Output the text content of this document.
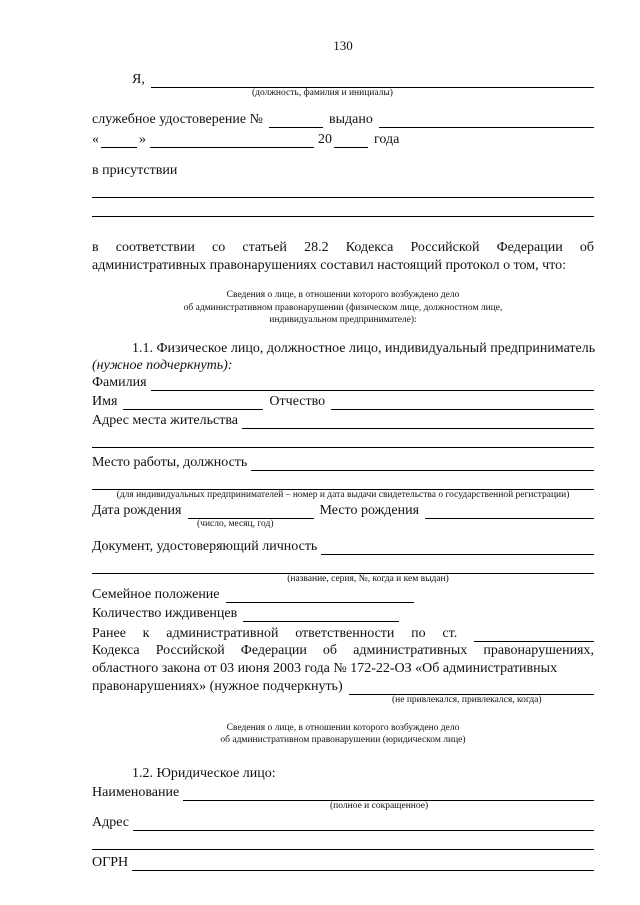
130
Я,
(должность, фамилия и инициалы)
служебное удостоверение №	выдано
«	»	20	года
в присутствии
в соответствии со статьей 28.2 Кодекса Российской Федерации об административных правонарушениях составил настоящий протокол о том, что:
Сведения о лице, в отношении которого возбуждено дело
об административном правонарушении (физическом лице, должностном лице,
индивидуальном предпринимателе):
1.1. Физическое лицо, должностное лицо, индивидуальный предприниматель
(нужное подчеркнуть):
Фамилия
Имя	Отчество
Адрес места жительства
Место работы, должность
(для индивидуальных предпринимателей – номер и дата выдачи свидетельства о государственной регистрации)
Дата рождения	Место рождения
(число, месяц, год)
Документ, удостоверяющий личность
(название, серия, №, когда и кем выдан)
Семейное положение
Количество иждивенцев
Ранее к административной ответственности по ст.
Кодекса Российской Федерации об административных правонарушениях, областного закона от 03 июня 2003 года № 172-22-ОЗ «Об административных
правонарушениях» (нужное подчеркнуть)
(не привлекался, привлекался, когда)
Сведения о лице, в отношении которого возбуждено дело
об административном правонарушении (юридическом лице)
1.2. Юридическое лицо:
Наименование
(полное и сокращенное)
Адрес
ОГРН
